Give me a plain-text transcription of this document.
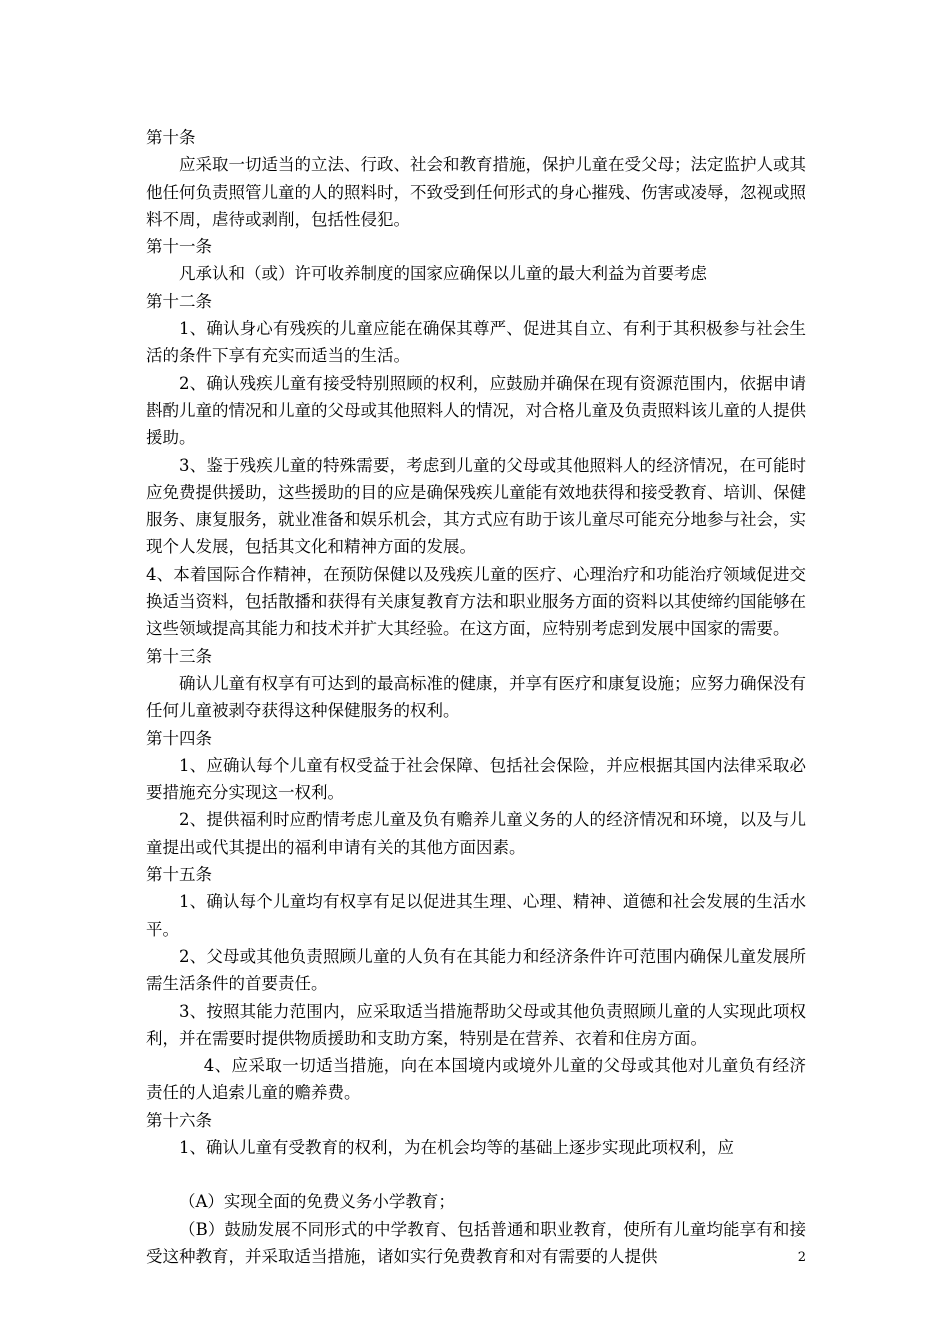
第十条

应采取一切适当的立法、行政、社会和教育措施，保护儿童在受父母；法定监护人或其他任何负责照管儿童的人的照料时，不致受到任何形式的身心摧残、伤害或凌辱，忽视或照料不周，虐待或剥削，包括性侵犯。

第十一条

凡承认和（或）许可收养制度的国家应确保以儿童的最大利益为首要考虑

第十二条

1、确认身心有残疾的儿童应能在确保其尊严、促进其自立、有利于其积极参与社会生活的条件下享有充实而适当的生活。

2、确认残疾儿童有接受特别照顾的权利，应鼓励并确保在现有资源范围内，依据申请斟酌儿童的情况和儿童的父母或其他照料人的情况，对合格儿童及负责照料该儿童的人提供援助。

3、鉴于残疾儿童的特殊需要，考虑到儿童的父母或其他照料人的经济情况，在可能时应免费提供援助，这些援助的目的应是确保残疾儿童能有效地获得和接受教育、培训、保健服务、康复服务，就业准备和娱乐机会，其方式应有助于该儿童尽可能充分地参与社会，实现个人发展，包括其文化和精神方面的发展。

4、本着国际合作精神，在预防保健以及残疾儿童的医疗、心理治疗和功能治疗领域促进交换适当资料，包括散播和获得有关康复教育方法和职业服务方面的资料以其使缔约国能够在这些领域提高其能力和技术并扩大其经验。在这方面，应特别考虑到发展中国家的需要。

第十三条

确认儿童有权享有可达到的最高标准的健康，并享有医疗和康复设施；应努力确保没有任何儿童被剥夺获得这种保健服务的权利。

第十四条

1、应确认每个儿童有权受益于社会保障、包括社会保险，并应根据其国内法律采取必要措施充分实现这一权利。

2、提供福利时应酌情考虑儿童及负有赡养儿童义务的人的经济情况和环境，以及与儿童提出或代其提出的福利申请有关的其他方面因素。

第十五条

1、确认每个儿童均有权享有足以促进其生理、心理、精神、道德和社会发展的生活水平。

2、父母或其他负责照顾儿童的人负有在其能力和经济条件许可范围内确保儿童发展所需生活条件的首要责任。

3、按照其能力范围内，应采取适当措施帮助父母或其他负责照顾儿童的人实现此项权利，并在需要时提供物质援助和支助方案，特别是在营养、衣着和住房方面。

4、应采取一切适当措施，向在本国境内或境外儿童的父母或其他对儿童负有经济责任的人追索儿童的赡养费。

第十六条

1、确认儿童有受教育的权利，为在机会均等的基础上逐步实现此项权利，应

（A）实现全面的免费义务小学教育；

（B）鼓励发展不同形式的中学教育、包括普通和职业教育，使所有儿童均能享有和接受这种教育，并采取适当措施，诸如实行免费教育和对有需要的人提供	2
